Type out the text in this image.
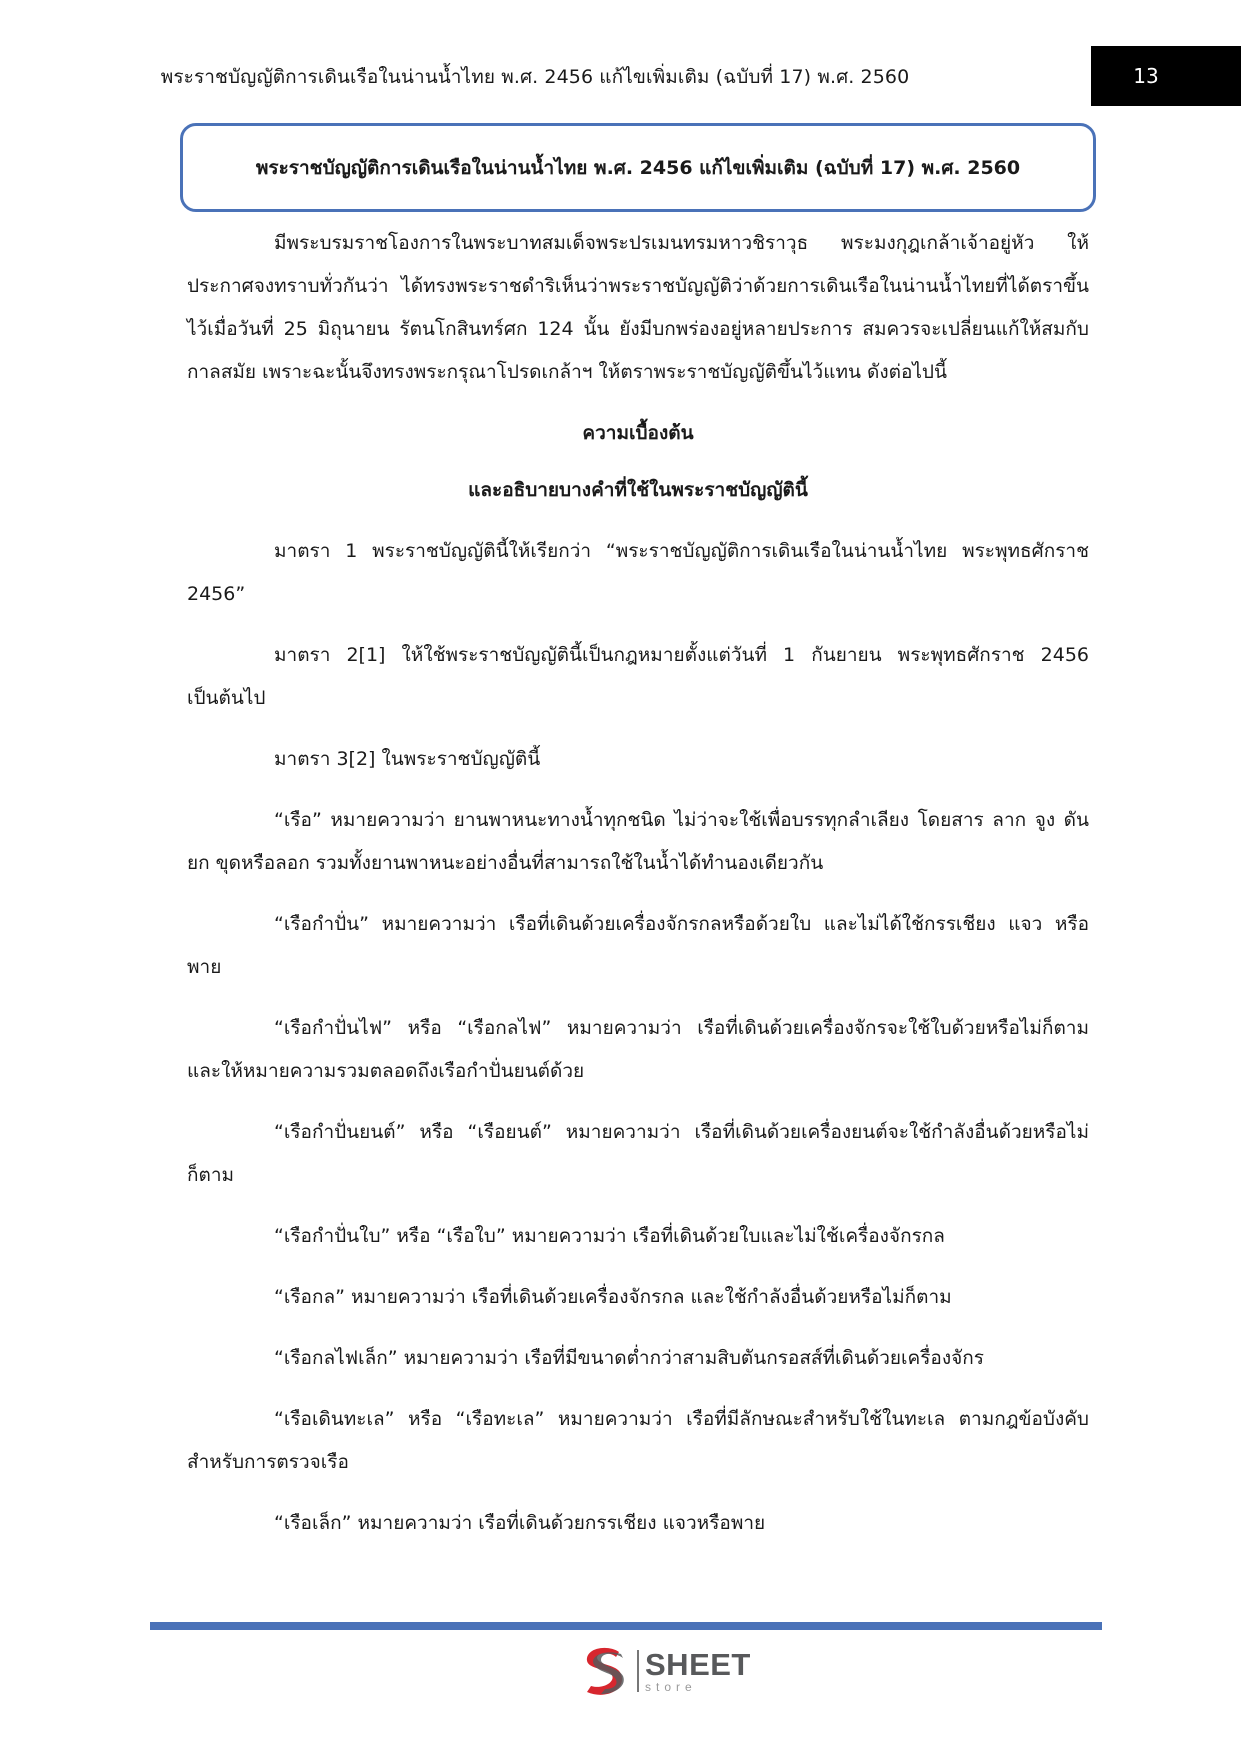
พระราชบัญญัติการเดินเรือในน่านน้ำไทย พ.ศ. 2456 แก้ไขเพิ่มเติม (ฉบับที่ 17) พ.ศ. 2560	13
พระราชบัญญัติการเดินเรือในน่านน้ำไทย พ.ศ. 2456 แก้ไขเพิ่มเติม (ฉบับที่ 17) พ.ศ. 2560

มีพระบรมราชโองการในพระบาทสมเด็จพระปรเมนทรมหาวชิราวุธ พระมงกุฎเกล้าเจ้าอยู่หัว ให้ประกาศจงทราบทั่วกันว่า ได้ทรงพระราชดำริเห็นว่าพระราชบัญญัติว่าด้วยการเดินเรือในน่านน้ำไทยที่ได้ตราขึ้นไว้เมื่อวันที่ 25 มิถุนายน รัตนโกสินทร์ศก 124 นั้น ยังมีบกพร่องอยู่หลายประการ สมควรจะเปลี่ยนแก้ให้สมกับกาลสมัย เพราะฉะนั้นจึงทรงพระกรุณาโปรดเกล้าฯ ให้ตราพระราชบัญญัติขึ้นไว้แทน ดังต่อไปนี้

ความเบื้องต้น

และอธิบายบางคำที่ใช้ในพระราชบัญญัตินี้

มาตรา 1 พระราชบัญญัตินี้ให้เรียกว่า “พระราชบัญญัติการเดินเรือในน่านน้ำไทย พระพุทธศักราช 2456”

มาตรา 2[1] ให้ใช้พระราชบัญญัตินี้เป็นกฎหมายตั้งแต่วันที่ 1 กันยายน พระพุทธศักราช 2456 เป็นต้นไป

มาตรา 3[2] ในพระราชบัญญัตินี้

“เรือ” หมายความว่า ยานพาหนะทางน้ำทุกชนิด ไม่ว่าจะใช้เพื่อบรรทุกลำเลียง โดยสาร ลาก จูง ดัน ยก ขุดหรือลอก รวมทั้งยานพาหนะอย่างอื่นที่สามารถใช้ในน้ำได้ทำนองเดียวกัน

“เรือกำปั่น” หมายความว่า เรือที่เดินด้วยเครื่องจักรกลหรือด้วยใบ และไม่ได้ใช้กรรเชียง แจว หรือพาย

“เรือกำปั่นไฟ” หรือ “เรือกลไฟ” หมายความว่า เรือที่เดินด้วยเครื่องจักรจะใช้ใบด้วยหรือไม่ก็ตาม และให้หมายความรวมตลอดถึงเรือกำปั่นยนต์ด้วย

“เรือกำปั่นยนต์” หรือ “เรือยนต์” หมายความว่า เรือที่เดินด้วยเครื่องยนต์จะใช้กำลังอื่นด้วยหรือไม่ก็ตาม

“เรือกำปั่นใบ” หรือ “เรือใบ” หมายความว่า เรือที่เดินด้วยใบและไม่ใช้เครื่องจักรกล

“เรือกล” หมายความว่า เรือที่เดินด้วยเครื่องจักรกล และใช้กำลังอื่นด้วยหรือไม่ก็ตาม

“เรือกลไฟเล็ก” หมายความว่า เรือที่มีขนาดต่ำกว่าสามสิบตันกรอสส์ที่เดินด้วยเครื่องจักร

“เรือเดินทะเล” หรือ “เรือทะเล” หมายความว่า เรือที่มีลักษณะสำหรับใช้ในทะเล ตามกฎข้อบังคับสำหรับการตรวจเรือ

“เรือเล็ก” หมายความว่า เรือที่เดินด้วยกรรเชียง แจวหรือพาย

SHEET
store
